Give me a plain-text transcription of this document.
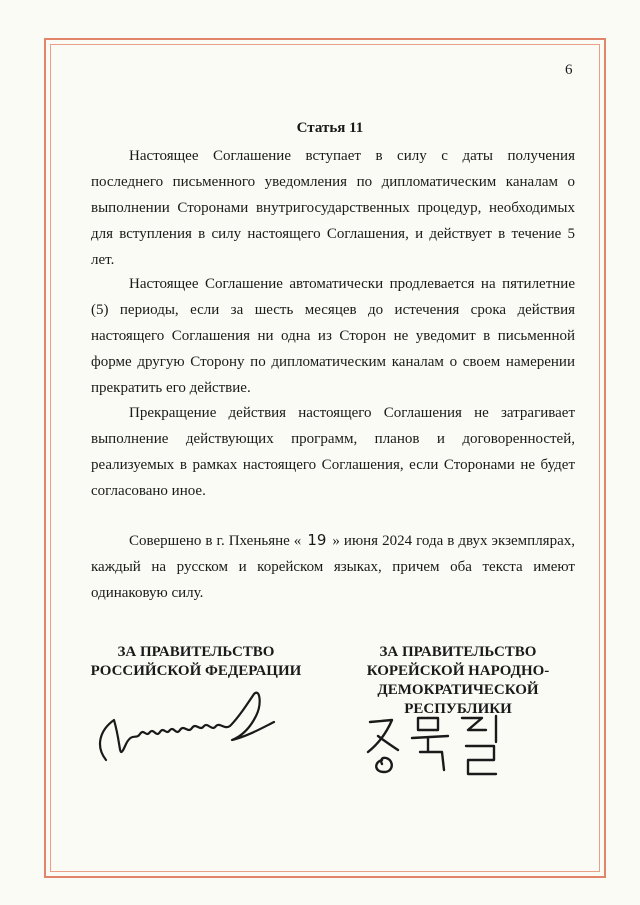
6
Статья 11

Настоящее Соглашение вступает в силу с даты получения последнего письменного уведомления по дипломатическим каналам о выполнении Сторонами внутригосударственных процедур, необходимых для вступления в силу настоящего Соглашения, и действует в течение 5 лет.

Настоящее Соглашение автоматически продлевается на пятилетние (5) периоды, если за шесть месяцев до истечения срока действия настоящего Соглашения ни одна из Сторон не уведомит в письменной форме другую Сторону по дипломатическим каналам о своем намерении прекратить его действие.

Прекращение действия настоящего Соглашения не затрагивает выполнение действующих программ, планов и договоренностей, реализуемых в рамках настоящего Соглашения, если Сторонами не будет согласовано иное.

Совершено в г. Пхеньяне « 19 » июня 2024 года в двух экземплярах, каждый на русском и корейском языках, причем оба текста имеют одинаковую силу.

ЗА ПРАВИТЕЛЬСТВО
РОССИЙСКОЙ ФЕДЕРАЦИИ

ЗА ПРАВИТЕЛЬСТВО
КОРЕЙСКОЙ НАРОДНО-
ДЕМОКРАТИЧЕСКОЙ
РЕСПУБЛИКИ
